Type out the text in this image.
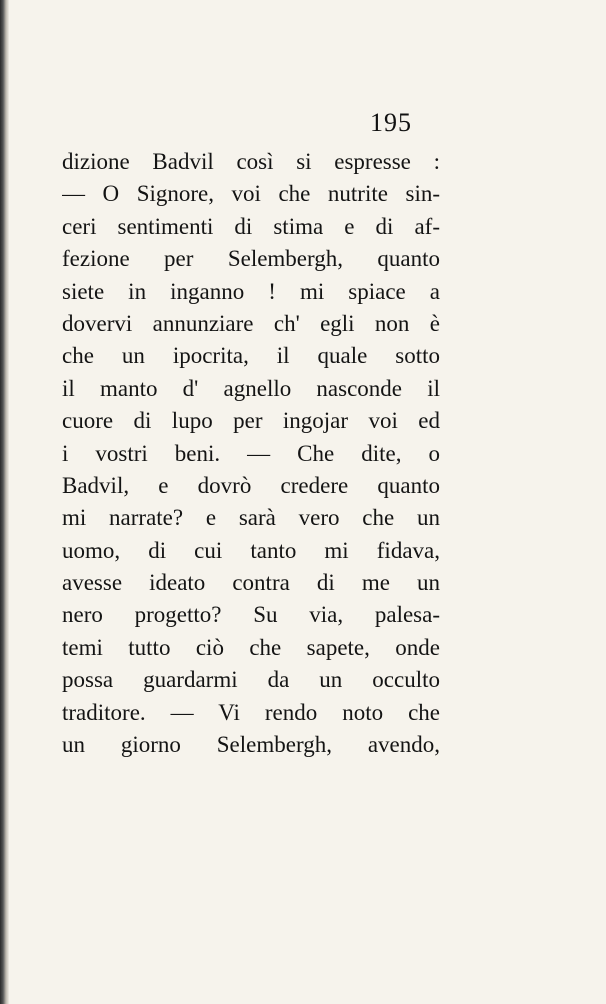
195
dizione Badvil così si espresse :
— O Signore, voi che nutrite sin-
ceri sentimenti di stima e di af-
fezione per Selembergh, quanto
siete in inganno ! mi spiace a
dovervi annunziare ch' egli non è
che un ipocrita, il quale sotto
il manto d' agnello nasconde il
cuore di lupo per ingojar voi ed
i vostri beni. — Che dite, o
Badvil, e dovrò credere quanto
mi narrate? e sarà vero che un
uomo, di cui tanto mi fidava,
avesse ideato contra di me un
nero progetto? Su via, palesa-
temi tutto ciò che sapete, onde
possa guardarmi da un occulto
traditore. — Vi rendo noto che
un giorno Selembergh, avendo,
